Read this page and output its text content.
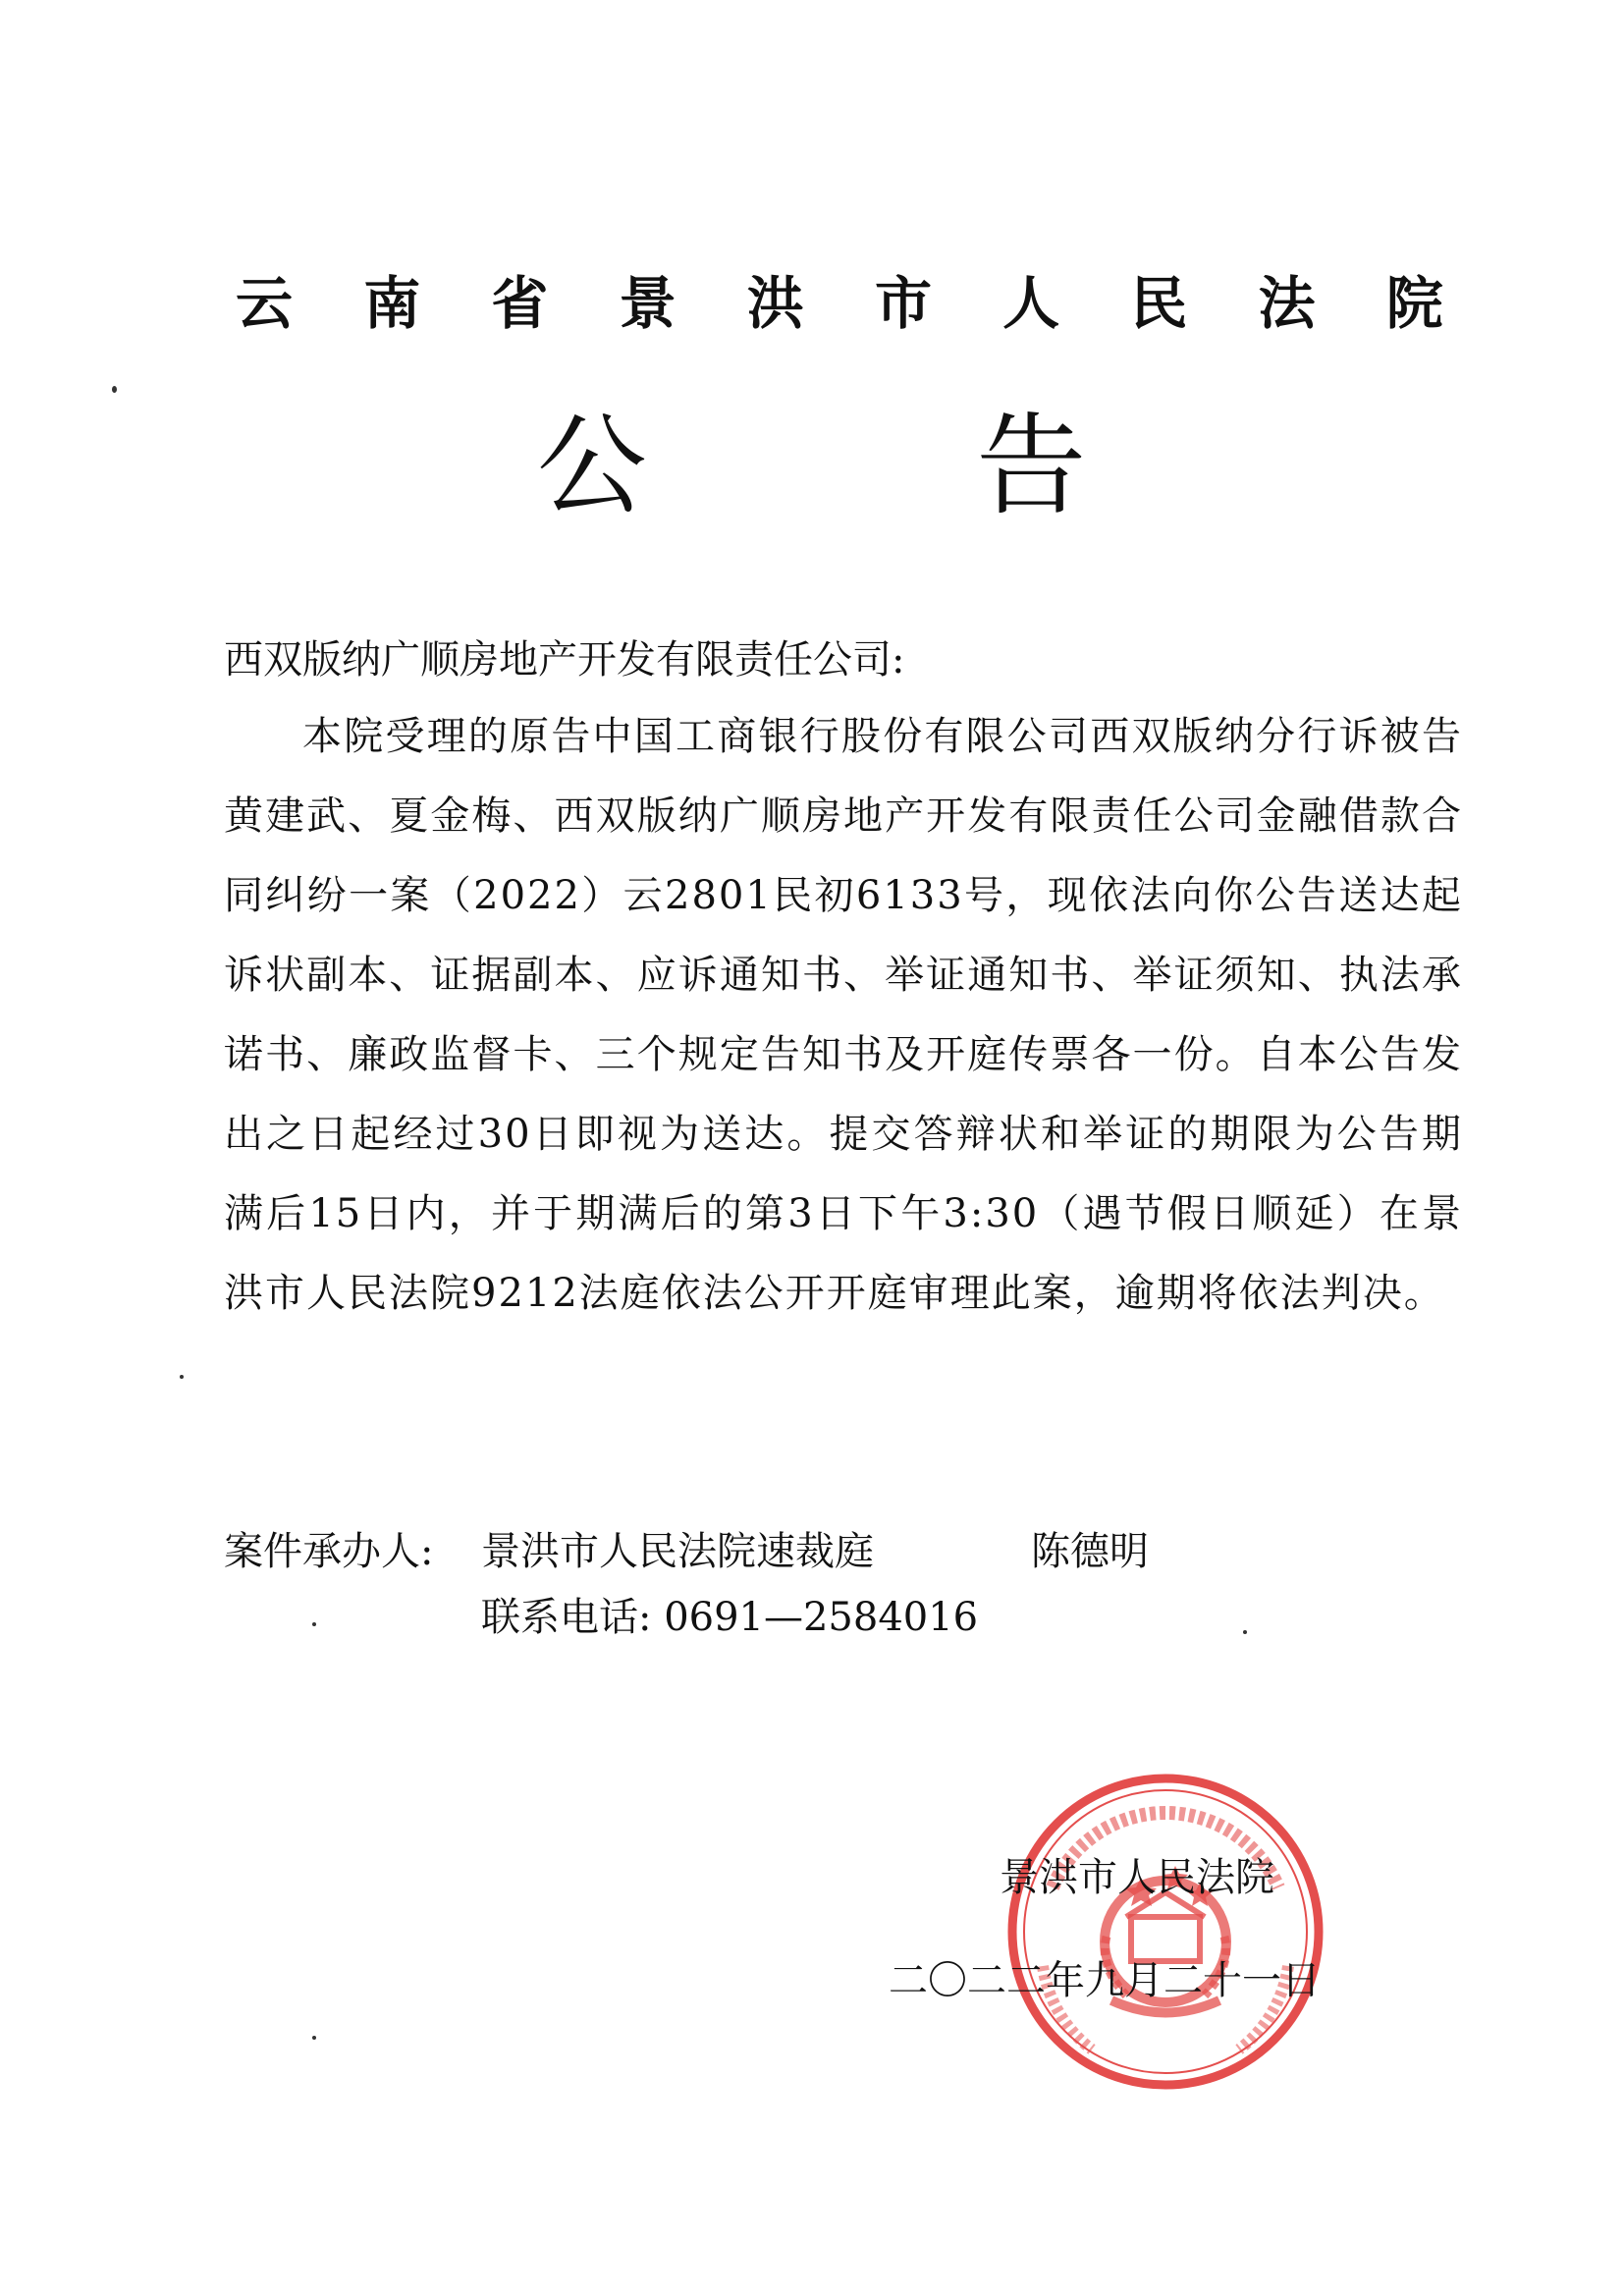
云 南 省 景 洪 市 人 民 法 院
公 告
西双版纳广顺房地产开发有限责任公司:
本院受理的原告中国工商银行股份有限公司西双版纳分行诉被告黄建武、夏金梅、西双版纳广顺房地产开发有限责任公司金融借款合同纠纷一案（2022）云2801民初6133号，现依法向你公告送达起诉状副本、证据副本、应诉通知书、举证通知书、举证须知、执法承诺书、廉政监督卡、三个规定告知书及开庭传票各一份。自本公告发出之日起经过30日即视为送达。提交答辩状和举证的期限为公告期满后15日内，并于期满后的第3日下午3:30（遇节假日顺延）在景洪市人民法院9212法庭依法公开开庭审理此案，逾期将依法判决。
案件承办人: 景洪市人民法院速裁庭	陈德明
联系电话: 0691—2584016
景洪市人民法院
二〇二二年九月二十一日
